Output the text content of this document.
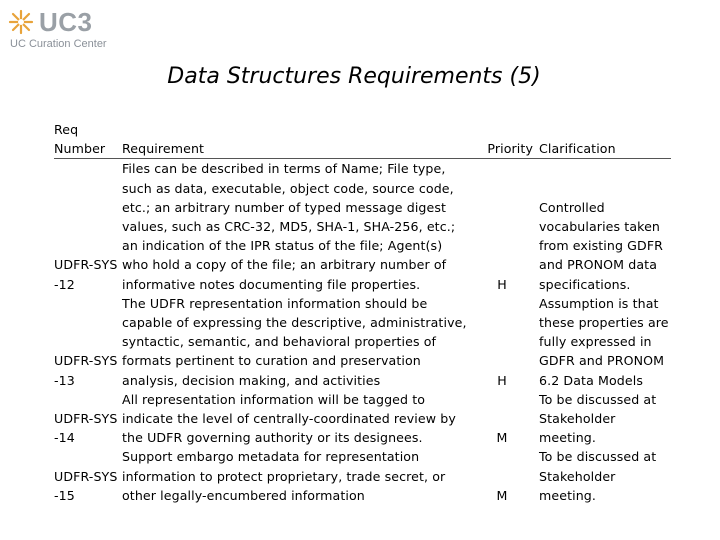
UC3
UC Curation Center
Data Structures Requirements (5)
Req
Number	Requirement	Priority	Clarification
UDFR-SYS
-12	Files can be described in terms of Name; File type, such as data, executable, object code, source code, etc.; an arbitrary number of typed message digest values, such as CRC-32, MD5, SHA-1, SHA-256, etc.; an indication of the IPR status of the file; Agent(s) who hold a copy of the file; an arbitrary number of informative notes documenting file properties.	H	Controlled vocabularies taken from existing GDFR and PRONOM data specifications.
UDFR-SYS
-13	The UDFR representation information should be capable of expressing the descriptive, administrative, syntactic, semantic, and behavioral properties of formats pertinent to curation and preservation analysis, decision making, and activities	H	Assumption is that these properties are fully expressed in GDFR and PRONOM 6.2 Data Models
UDFR-SYS
-14	All representation information will be tagged to indicate the level of centrally-coordinated review by the UDFR governing authority or its designees.	M	To be discussed at Stakeholder meeting.
UDFR-SYS
-15	Support embargo metadata for representation information to protect proprietary, trade secret, or other legally-encumbered information	M	To be discussed at Stakeholder meeting.
